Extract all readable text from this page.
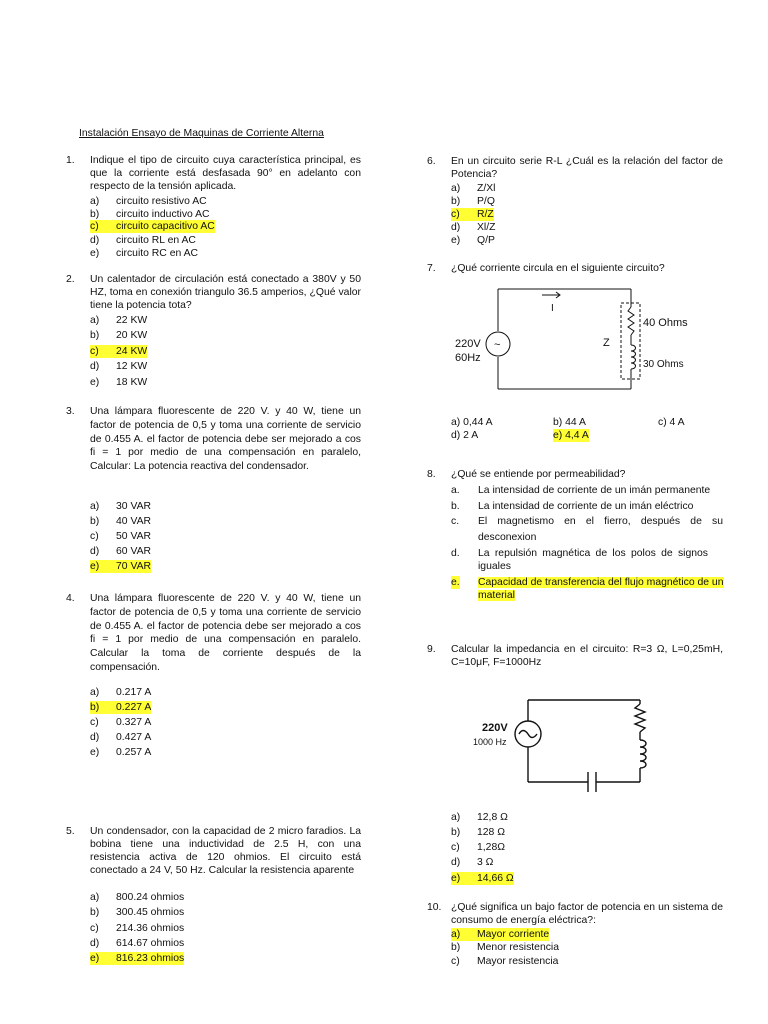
Instalación Ensayo de Maquinas de Corriente Alterna
1. Indique el tipo de circuito cuya característica principal, es que la corriente está desfasada 90° en adelanto con respecto de la tensión aplicada.
a) circuito resistivo AC
b) circuito inductivo AC
c) circuito capacitivo AC
d) circuito RL en AC
e) circuito RC en AC
2. Un calentador de circulación está conectado a 380V y 50 HZ, toma en conexión triangulo 36.5 amperios, ¿Qué valor tiene la potencia tota?
a) 22 KW
b) 20 KW
c) 24 KW
d) 12 KW
e) 18 KW
3. Una lámpara fluorescente de 220 V. y 40 W, tiene un factor de potencia de 0,5 y toma una corriente de servicio de 0.455 A. el factor de potencia debe ser mejorado a cos fi = 1 por medio de una compensación en paralelo, Calcular: La potencia reactiva del condensador.
a) 30 VAR
b) 40 VAR
c) 50 VAR
d) 60 VAR
e) 70 VAR
4. Una lámpara fluorescente de 220 V. y 40 W, tiene un factor de potencia de 0,5 y toma una corriente de servicio de 0.455 A. el factor de potencia debe ser mejorado a cos fi = 1 por medio de una compensación en paralelo. Calcular la toma de corriente después de la compensación.
a) 0.217 A
b) 0.227 A
c) 0.327 A
d) 0.427 A
e) 0.257 A
5. Un condensador, con la capacidad de 2 micro faradios. La bobina tiene una inductividad de 2.5 H, con una resistencia activa de 120 ohmios. El circuito está conectado a 24 V, 50 Hz. Calcular la resistencia aparente
a) 800.24 ohmios
b) 300.45 ohmios
c) 214.36 ohmios
d) 614.67 ohmios
e) 816.23 ohmios
6. En un circuito serie R-L ¿Cuál es la relación del factor de Potencia?
a) Z/Xl
b) P/Q
c) R/Z
d) Xl/Z
e) Q/P
7. ¿Qué corriente circula en el siguiente circuito?
~
220V
60Hz
I
Z
40 Ohms
30 Ohms
a) 0,44 A	b) 44 A	c) 4 A
d) 2 A	e) 4,4 A
8. ¿Qué se entiende por permeabilidad?
a. La intensidad de corriente de un imán permanente
b. La intensidad de corriente de un imán eléctrico
c. El magnetismo en el fierro, después de su desconexion
d. La repulsión magnética de los polos de signos iguales
e. Capacidad de transferencia del flujo magnético de un material
9. Calcular la impedancia en el circuito: R=3 Ω, L=0,25mH, C=10μF, F=1000Hz
220V
1000 Hz
a) 12,8 Ω
b) 128 Ω
c) 1,28Ω
d) 3 Ω
e) 14,66 Ω
10. ¿Qué significa un bajo factor de potencia en un sistema de consumo de energía eléctrica?:
a) Mayor corriente
b) Menor resistencia
c) Mayor resistencia
